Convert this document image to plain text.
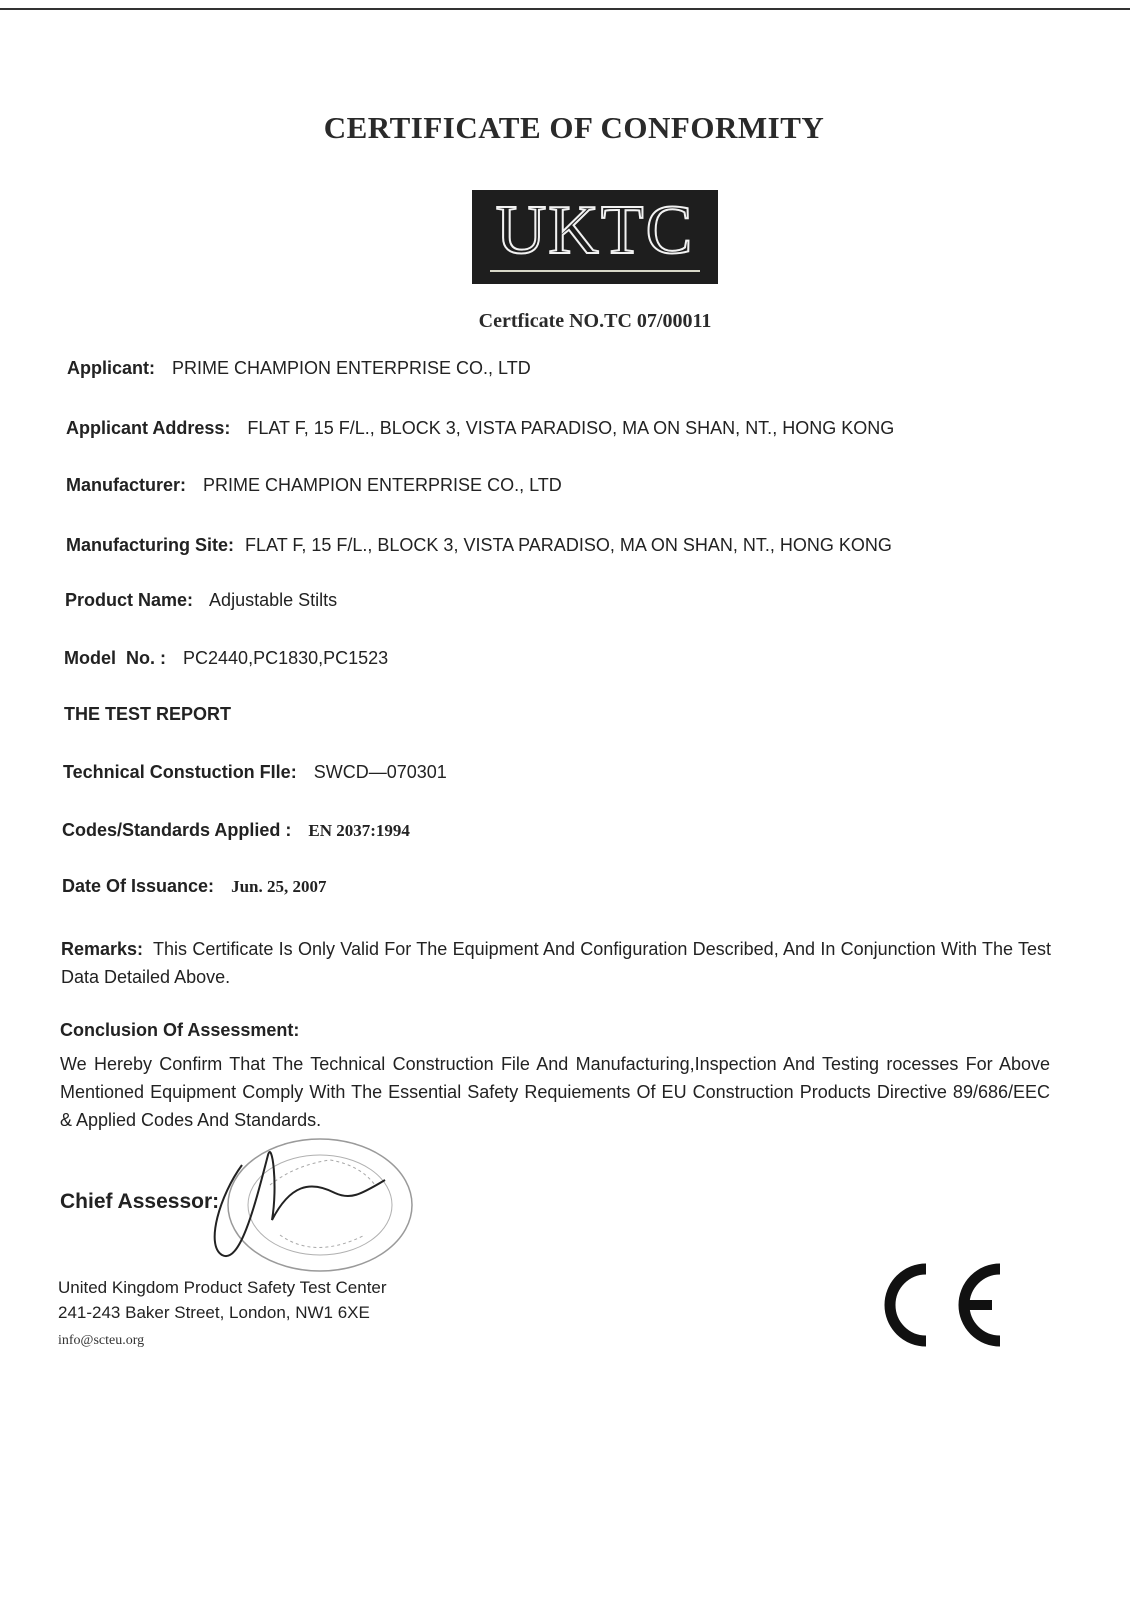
CERTIFICATE OF CONFORMITY
UKTC
Certficate NO.TC 07/00011
Applicant: PRIME CHAMPION ENTERPRISE CO., LTD
Applicant Address: FLAT F, 15 F/L., BLOCK 3, VISTA PARADISO, MA ON SHAN, NT., HONG KONG
Manufacturer: PRIME CHAMPION ENTERPRISE CO., LTD
Manufacturing Site: FLAT F, 15 F/L., BLOCK 3, VISTA PARADISO, MA ON SHAN, NT., HONG KONG
Product Name: Adjustable Stilts
Model  No. : PC2440,PC1830,PC1523
THE TEST REPORT
Technical Constuction FIle: SWCD—070301
Codes/Standards Applied : EN 2037:1994
Date Of Issuance: Jun. 25, 2007
Remarks: This Certificate Is Only Valid For The Equipment And Configuration Described, And In Conjunction With The Test Data Detailed Above.
Conclusion Of Assessment:
We Hereby Confirm That The Technical Construction File And Manufacturing,Inspection And Testing rocesses For Above Mentioned Equipment Comply With The Essential Safety Requiements Of EU Construction Products Directive 89/686/EEC & Applied Codes And Standards.
Chief Assessor:
United Kingdom Product Safety Test Center
241-243 Baker Street, London, NW1 6XE
info@scteu.org
